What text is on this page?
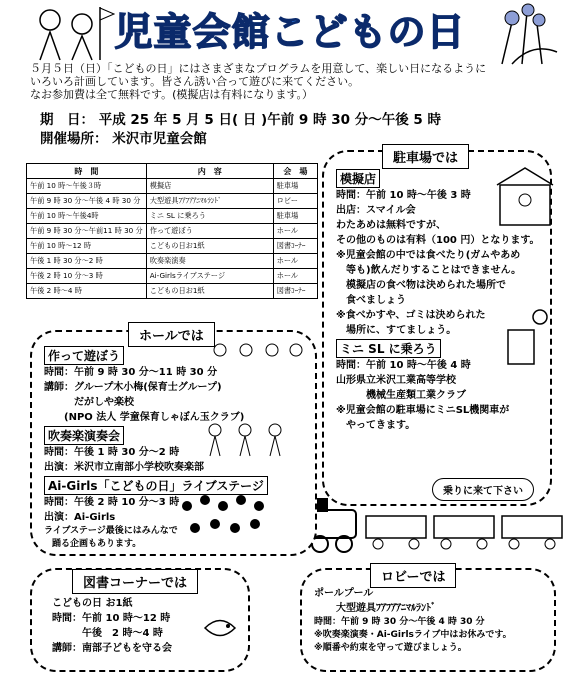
児童会館こどもの日
５月５日（日）「こどもの日」にはさまざまなプログラムを用意して、楽しい日になるように
いろいろ計画しています。皆さん誘い合って遊びに来てください。
なお参加費は全て無料です。(模擬店は有料になります。）
期　日： 平成 25 年 5 月 5 日( 日 )午前 9 時 30 分～午後 5 時
開催場所： 米沢市児童会館
時　間	内　容	会　場
午前 10 時～午後３時	模擬店	駐車場
午前 9 時 30 分～午後 4 時 30 分	大型遊具ﾌｱﾌｱｱﾆﾏﾙﾗﾝﾄﾞ	ロビー
午前 10 時～午後4時	ミニ SL に乗ろう	駐車場
午前 9 時 30 分～午前11 時 30 分	作って遊ぼう	ホール
午前 10 時～12 時	こどもの日お1紙	図書ｺｰﾅｰ
午後 1 時 30 分～2 時	吹奏楽演奏	ホール
午後 2 時 10 分～3 時	Ai-Girlsライブステージ	ホール
午後 2 時～4 時	こどもの日お1紙	図書ｺｰﾅｰ
駐車場では
模擬店
時間：午前 10 時～午後 3 時
出店：スマイル会
わたあめは無料ですが、
その他のものは有料（100 円）となります。
※児童会館の中では食べたり(ガムやあめ
　等も)飲んだりすることはできません。
　模擬店の食べ物は決められた場所で
　食べましょう
※食べかすや、ゴミは決められた
　場所に、すてましょう。
ミニ SL に乗ろう
時間：午前 10 時～午後 4 時
山形県立米沢工業高等学校
　　　機械生産類工業クラブ
※児童会館の駐車場にミニSL機関車が
　やってきます。
乗りに来て下さい
ホールでは
作って遊ぼう
時間：午前 9 時 30 分～11 時 30 分
講師：グループ木小梅(保育士グループ)
　　　だがしや楽校
　　(NPO 法人 学童保育しゃぼん玉クラブ)
吹奏楽演奏会
時間：午後 1 時 30 分～2 時
出演：米沢市立南部小学校吹奏楽部
Ai-Girls「こどもの日」ライブステージ
時間：午後 2 時 10 分～3 時
出演：Ai-Girls
ライブステージ最後にはみんなで
踊る企画もあります。
図書コーナーでは
こどもの日 お1紙
時間：午前 10 時～12 時
　　　午後　2 時～4 時
講師：南部子どもを守る会
ロビーでは
ポールプール
大型遊具ﾌｱﾌｱｱﾆﾏﾙﾗﾝﾄﾞ
時間：午前 9 時 30 分～午後 4 時 30 分
※吹奏楽演奏・Ai-Girlsライブ中はお休みです。
※順番や約束を守って遊びましょう。
